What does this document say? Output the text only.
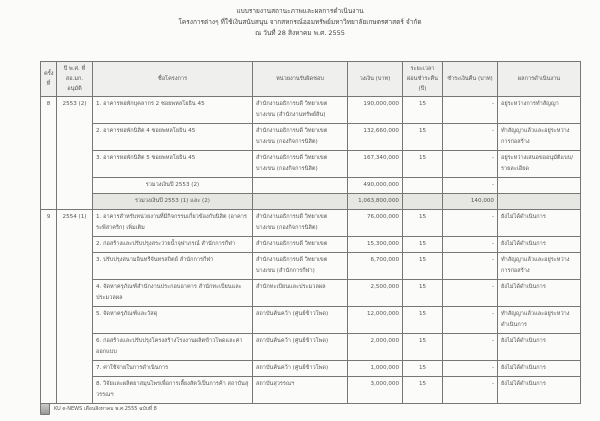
แบบรายงานสถานะภาพและผลการดำเนินงาน
โครงการต่างๆ ที่ใช้เงินสนับสนุน จากสหกรณ์ออมทรัพย์มหาวิทยาลัยเกษตรศาสตร์ จำกัด
ณ วันที่ 28 สิงหาคม พ.ศ. 2555
ครั้งที่	ปี พ.ศ. ที่ สอ.มก. อนุมัติ	ชื่อโครงการ	หน่วยงานรับผิดชอบ	วงเงิน (บาท)	ระยะเวลาผ่อนชำระคืน (ปี)	ชำระเงินคืน (บาท)	ผลการดำเนินงาน
8	2553 (2)	1. อาคารหอพักบุคลากร 2 ซอยพหลโยธิน 45	สำนักงานอธิการบดี วิทยาเขตบางเขน (สำนักงานทรัพย์สิน)	190,000,000	15	-	อยู่ระหว่างการทำสัญญา
		2. อาคารหอพักนิสิต 4 ซอยพหลโยธิน 45	สำนักงานอธิการบดี วิทยาเขตบางเขน (กองกิจการนิสิต)	132,660,000	15	-	ทำสัญญาแล้วและอยู่ระหว่างการก่อสร้าง
		3. อาคารหอพักนิสิต 5 ซอยพหลโยธิน 45	สำนักงานอธิการบดี วิทยาเขตบางเขน (กองกิจการนิสิต)	167,340,000	15	-	อยู่ระหว่างเสนอขออนุมัติแบบ/รายละเอียด
		รวมวงเงินปี 2553 (2)		490,000,000		-	
		รวมวงเงินปี 2553 (1) และ (2)		1,063,800,000		140,000	
9	2554 (1)	1. อาคารสำหรับหน่วยงานที่มีกิจกรรมเกี่ยวข้องกับนิสิต (อาคารระพีสาคริก) เพิ่มเติม	สำนักงานอธิการบดี วิทยาเขตบางเขน (กองกิจการนิสิต)	76,000,000	15	-	ยังไม่ได้ดำเนินการ
		2. ก่อสร้างและปรับปรุงสระว่ายน้ำจุฬาภรณ์ สำนักการกีฬา	สำนักงานอธิการบดี วิทยาเขต	15,300,000	15	-	ยังไม่ได้ดำเนินการ
		3. ปรับปรุงสนามอินทรีจันทรสถิตย์ สำนักการกีฬา	สำนักงานอธิการบดี วิทยาเขตบางเขน (สำนักการกีฬา)	6,700,000	15	-	ทำสัญญาแล้วและอยู่ระหว่างการก่อสร้าง
		4. จัดหาครุภัณฑ์สำนักงานประกอบอาคาร สำนักทะเบียนและประมวลผล	สำนักทะเบียนและประมวลผล	2,500,000	15	-	ยังไม่ได้ดำเนินการ
		5. จัดหาครุภัณฑ์และวัสดุ	สถาบันค้นคว้า (ศูนย์ข้าวโพด)	12,000,000	15	-	ทำสัญญาแล้วและอยู่ระหว่างดำเนินการ
		6. ก่อสร้างและปรับปรุงโครงสร้างโรงงานผลิตข้าวโพดและค่าออกแบบ	สถาบันค้นคว้า (ศูนย์ข้าวโพด)	2,000,000	15	-	ยังไม่ได้ดำเนินการ
		7. ค่าใช้จ่ายในการดำเนินการ	สถาบันค้นคว้า (ศูนย์ข้าวโพด)	1,000,000	15	-	ยังไม่ได้ดำเนินการ
		8. วิจัยและผลิตยาสมุนไพรเพื่อการเลี้ยงสัตว์เป็นการค้า สถาบันสุวรรณฯ	สถาบันสุวรรณฯ	3,000,000	15	-	ยังไม่ได้ดำเนินการ
KU e-NEWS เดือนสิงหาคม พ.ศ.2555 ฉบับที่ 8
